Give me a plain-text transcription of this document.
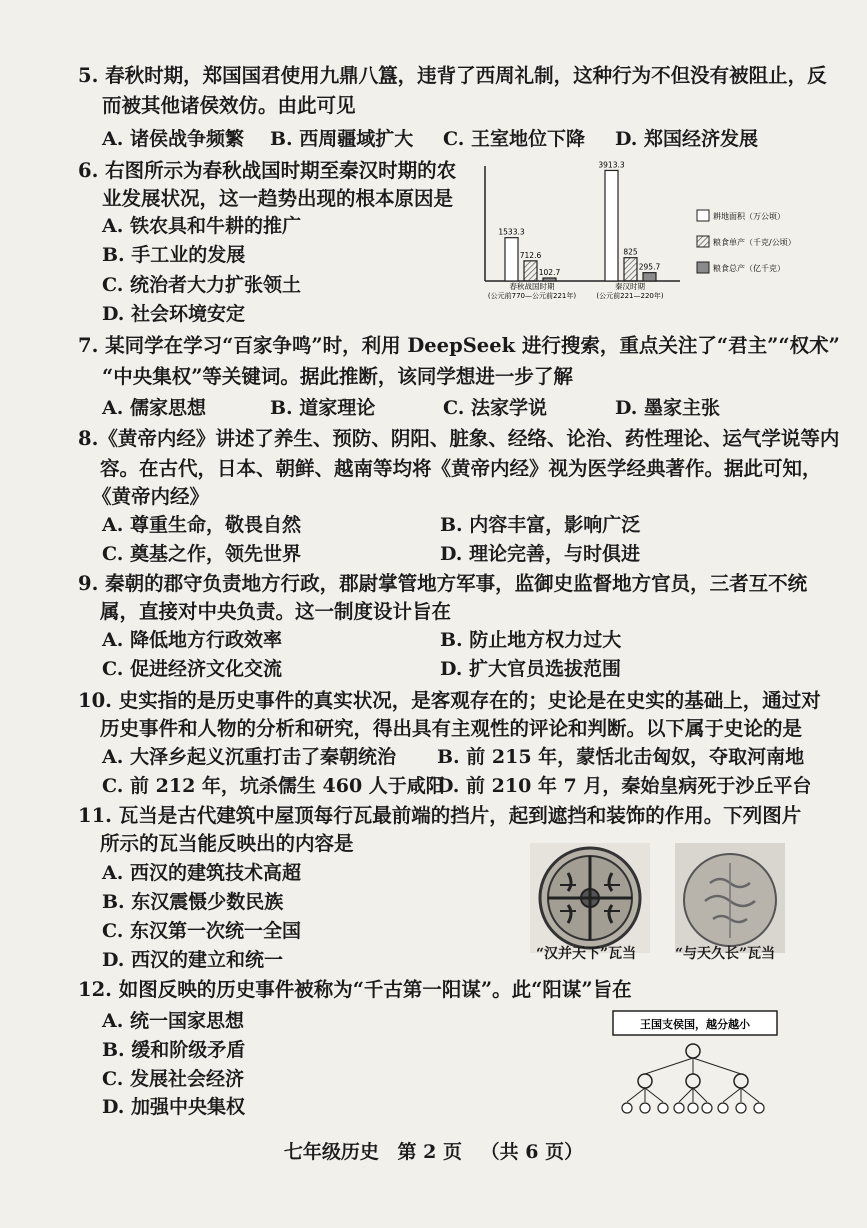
5. 春秋时期，郑国国君使用九鼎八簋，违背了西周礼制，这种行为不但没有被阻止，反
而被其他诸侯效仿。由此可见
A. 诸侯战争频繁 B. 西周疆域扩大 C. 王室地位下降 D. 郑国经济发展
6. 右图所示为春秋战国时期至秦汉时期的农
业发展状况，这一趋势出现的根本原因是
A. 铁农具和牛耕的推广
B. 手工业的发展
C. 统治者大力扩张领土
D. 社会环境安定
1533.3
3913.3
712.6	825
102.7
295.7
春秋战国时期
(公元前770—公元前221年)
秦汉时期
(公元前221—220年)
耕地面积（万公顷）
粮食单产（千克/公顷）
粮食总产（亿千克）
7. 某同学在学习“百家争鸣”时，利用 DeepSeek 进行搜索，重点关注了“君主”“权术”
“中央集权”等关键词。据此推断，该同学想进一步了解
A. 儒家思想	B. 道家理论	C. 法家学说	D. 墨家主张
8.《黄帝内经》讲述了养生、预防、阴阳、脏象、经络、论治、药性理论、运气学说等内
容。在古代，日本、朝鲜、越南等均将《黄帝内经》视为医学经典著作。据此可知，
《黄帝内经》
A. 尊重生命，敬畏自然	B. 内容丰富，影响广泛
C. 奠基之作，领先世界	D. 理论完善，与时俱进
9. 秦朝的郡守负责地方行政，郡尉掌管地方军事，监御史监督地方官员，三者互不统
属，直接对中央负责。这一制度设计旨在
A. 降低地方行政效率	B. 防止地方权力过大
C. 促进经济文化交流	D. 扩大官员选拔范围
10. 史实指的是历史事件的真实状况，是客观存在的；史论是在史实的基础上，通过对
历史事件和人物的分析和研究，得出具有主观性的评论和判断。以下属于史论的是
A. 大泽乡起义沉重打击了秦朝统治 B. 前 215 年，蒙恬北击匈奴，夺取河南地
C. 前 212 年，坑杀儒生 460 人于咸阳
D. 前 210 年 7 月，秦始皇病死于沙丘平台
11. 瓦当是古代建筑中屋顶每行瓦最前端的挡片，起到遮挡和装饰的作用。下列图片
所示的瓦当能反映出的内容是
A. 西汉的建筑技术高超
B. 东汉震慑少数民族
C. 东汉第一次统一全国
D. 西汉的建立和统一	“汉并天下”瓦当	“与天久长”瓦当
12. 如图反映的历史事件被称为“千古第一阳谋”。此“阳谋”旨在
A. 统一国家思想
B. 缓和阶级矛盾
C. 发展社会经济
D. 加强中央集权
王国支侯国，越分越小
七年级历史 第 2 页 （共 6 页）
